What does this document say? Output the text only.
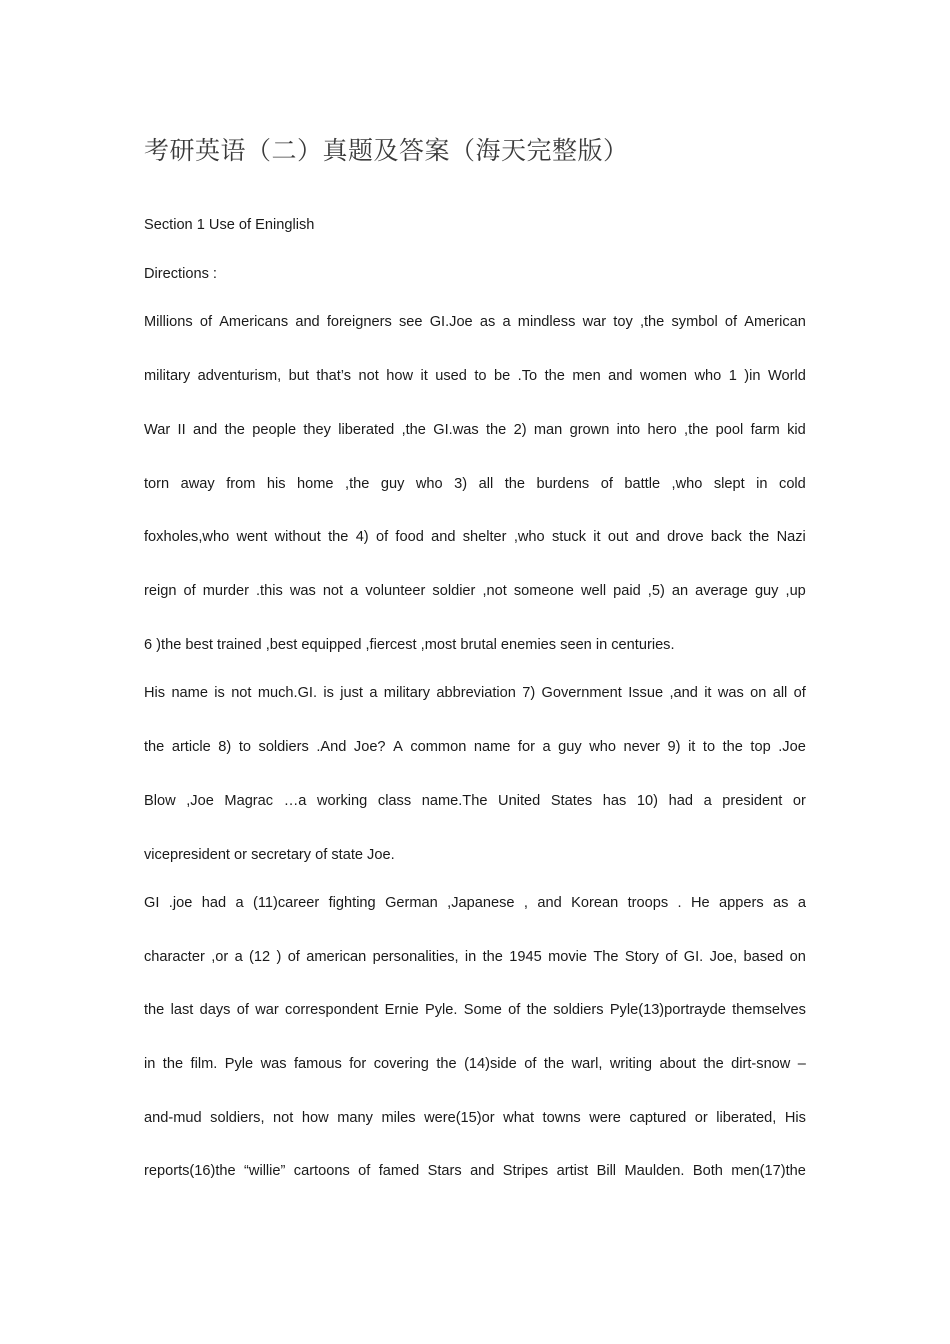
考研英语（二）真题及答案（海天完整版）
Section 1 Use of Eninglish
Directions :
Millions of Americans and foreigners see GI.Joe as a mindless war toy ,the symbol of American
military adventurism, but that’s not how it used to be .To the men and women who 1 )in World
War II and the people they liberated ,the GI.was the 2) man grown into hero ,the pool farm kid
torn away from his home ,the guy who 3) all the burdens of battle ,who slept in cold
foxholes,who went without the 4) of food and shelter ,who stuck it out and drove back the Nazi
reign of murder .this was not a volunteer soldier ,not someone well paid ,5) an average guy ,up
6 )the best trained ,best equipped ,fiercest ,most brutal enemies seen in centuries.
His name is not much.GI. is just a military abbreviation 7) Government Issue ,and it was on all of
the article 8) to soldiers .And Joe? A common name for a guy who never 9) it to the top .Joe
Blow ,Joe Magrac …a working class name.The United States has 10) had a president or
vicepresident or secretary of state Joe.
GI .joe had a (11)career fighting German ,Japanese , and Korean troops . He appers as a
character ,or a (12 ) of american personalities, in the 1945 movie The Story of GI. Joe, based on
the last days of war correspondent Ernie Pyle. Some of the soldiers Pyle(13)portrayde themselves
in the film. Pyle was famous for covering the (14)side of the warl, writing about the dirt-snow –
and-mud soldiers, not how many miles were(15)or what towns were captured or liberated, His
reports(16)the “willie” cartoons of famed Stars and Stripes artist Bill Maulden. Both men(17)the
